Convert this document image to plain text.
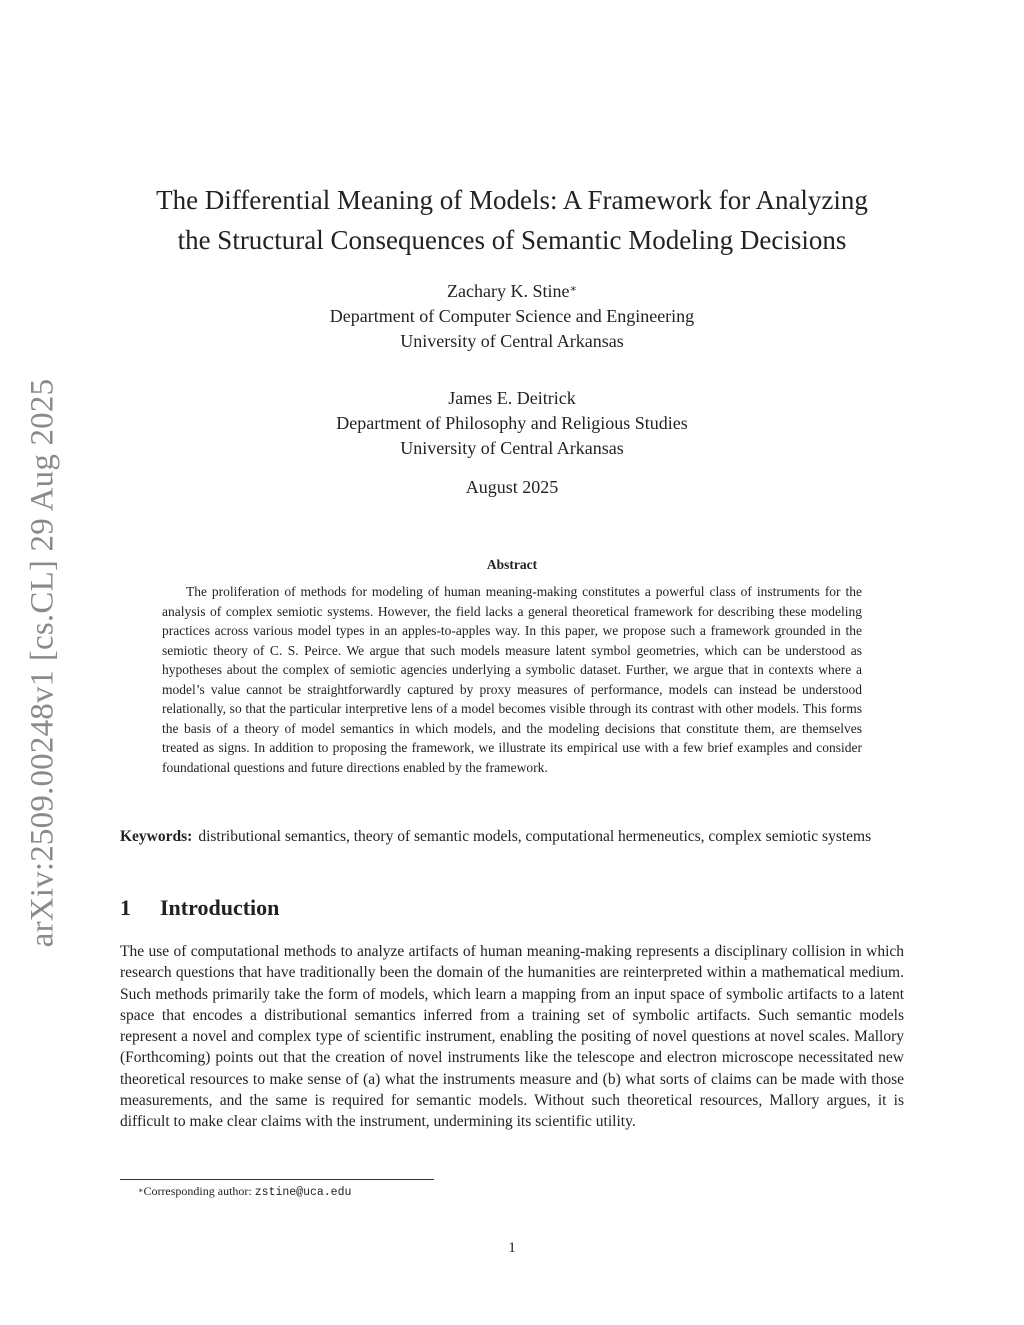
arXiv:2509.00248v1 [cs.CL] 29 Aug 2025
The Differential Meaning of Models: A Framework for Analyzing
the Structural Consequences of Semantic Modeling Decisions
Zachary K. Stine∗
Department of Computer Science and Engineering
University of Central Arkansas
James E. Deitrick
Department of Philosophy and Religious Studies
University of Central Arkansas
August 2025
Abstract
The proliferation of methods for modeling of human meaning-making constitutes a powerful class of instruments for the analysis of complex semiotic systems. However, the field lacks a general theoretical framework for describing these modeling practices across various model types in an apples-to-apples way. In this paper, we propose such a framework grounded in the semiotic theory of C. S. Peirce. We argue that such models measure latent symbol geometries, which can be understood as hypotheses about the complex of semiotic agencies underlying a symbolic dataset. Further, we argue that in contexts where a model’s value cannot be straightforwardly captured by proxy measures of performance, models can instead be understood relationally, so that the particular interpretive lens of a model becomes visible through its contrast with other models. This forms the basis of a theory of model semantics in which models, and the modeling decisions that constitute them, are themselves treated as signs. In addition to proposing the framework, we illustrate its empirical use with a few brief examples and consider foundational questions and future directions enabled by the framework.
Keywords: distributional semantics, theory of semantic models, computational hermeneutics, complex semiotic systems
1 Introduction
The use of computational methods to analyze artifacts of human meaning-making represents a disciplinary collision in which research questions that have traditionally been the domain of the humanities are reinterpreted within a mathematical medium. Such methods primarily take the form of models, which learn a mapping from an input space of symbolic artifacts to a latent space that encodes a distributional semantics inferred from a training set of symbolic artifacts. Such semantic models represent a novel and complex type of scientific instrument, enabling the positing of novel questions at novel scales. Mallory (Forthcoming) points out that the creation of novel instruments like the telescope and electron microscope necessitated new theoretical resources to make sense of (a) what the instruments measure and (b) what sorts of claims can be made with those measurements, and the same is required for semantic models. Without such theoretical resources, Mallory argues, it is difficult to make clear claims with the instrument, undermining its scientific utility.
∗Corresponding author: zstine@uca.edu
1
